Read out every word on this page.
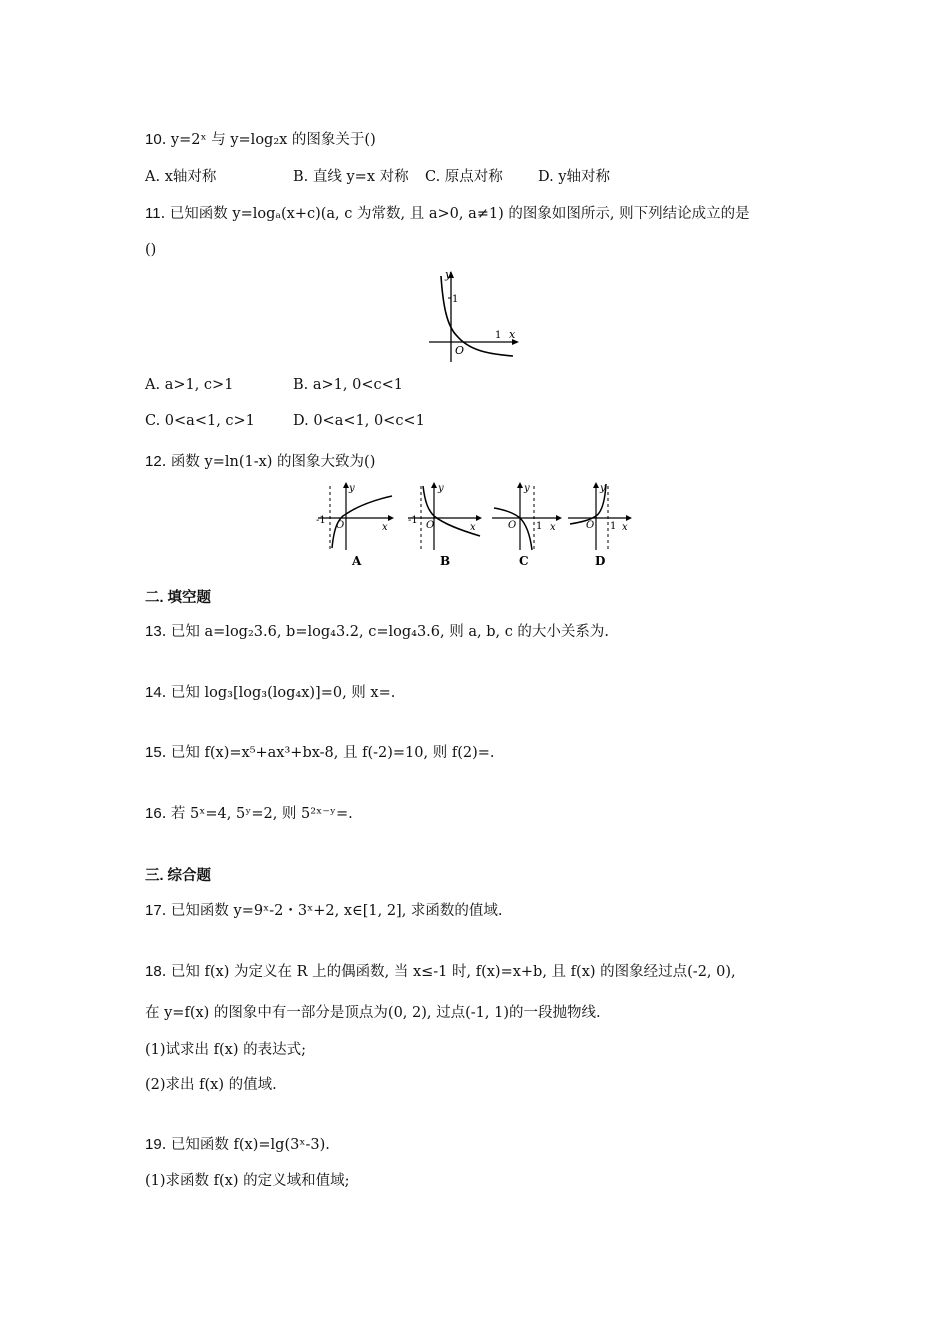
10. y=2ˣ 与 y=log₂x 的图象关于()
A. x轴对称	B. 直线 y=x 对称 C. 原点对称 D. y轴对称
11. 已知函数 y=logₐ(x+c)(a, c 为常数, 且 a>0, a≠1) 的图象如图所示, 则下列结论成立的是
()
y
x
1
1
O
A. a>1, c>1	B. a>1, 0<c<1
C. 0<a<1, c>1	D. 0<a<1, 0<c<1
12. 函数 y=ln(1-x) 的图象大致为()
-1
y
x
O
A
-1
y
x
O
B
1
y
x
O
C
1
y
x
O
D
二. 填空题
13. 已知 a=log₂3.6, b=log₄3.2, c=log₄3.6, 则 a, b, c 的大小关系为.
14. 已知 log₃[log₃(log₄x)]=0, 则 x=.
15. 已知 f(x)=x⁵+ax³+bx-8, 且 f(-2)=10, 则 f(2)=.
16. 若 5ˣ=4, 5ʸ=2, 则 5²ˣ⁻ʸ=.
三. 综合题
17. 已知函数 y=9ˣ-2・3ˣ+2, x∈[1, 2], 求函数的值域.
18. 已知 f(x) 为定义在 R 上的偶函数, 当 x≤-1 时, f(x)=x+b, 且 f(x) 的图象经过点(-2, 0),
在 y=f(x) 的图象中有一部分是顶点为(0, 2), 过点(-1, 1)的一段抛物线.
(1)试求出 f(x) 的表达式;
(2)求出 f(x) 的值域.
19. 已知函数 f(x)=lg(3ˣ-3).
(1)求函数 f(x) 的定义域和值域;
